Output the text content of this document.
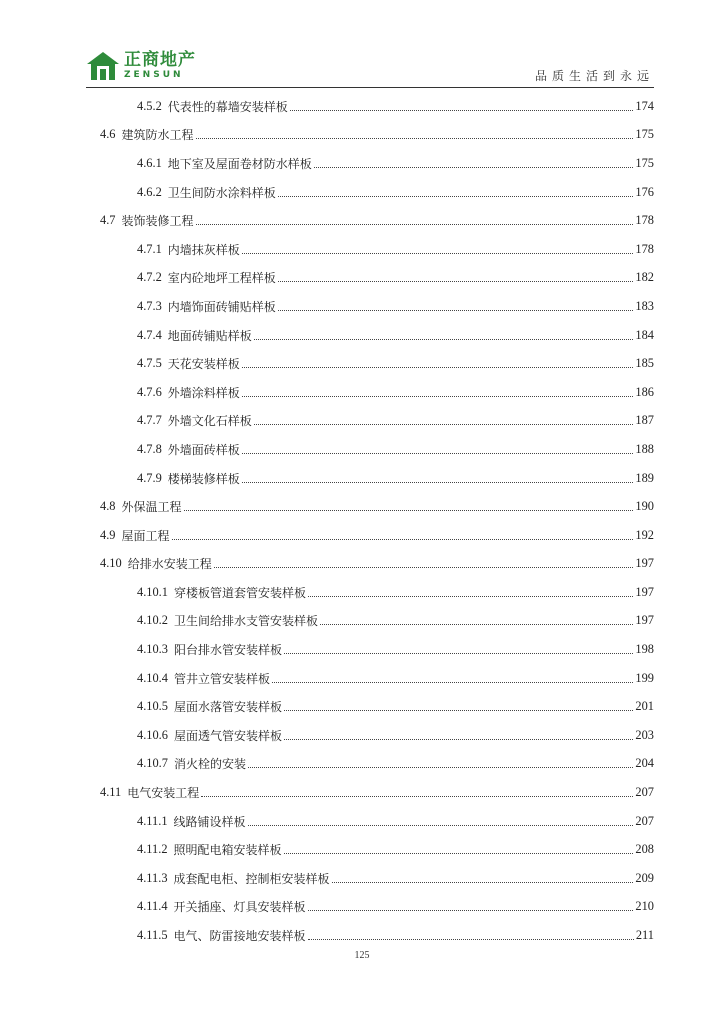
正商地产
ZENSUN	品质生活到永远
4.5.2 代表性的幕墙安装样板	174
4.6 建筑防水工程	175
4.6.1 地下室及屋面卷材防水样板	175
4.6.2 卫生间防水涂料样板	176
4.7 装饰装修工程	178
4.7.1 内墙抹灰样板	178
4.7.2 室内砼地坪工程样板	182
4.7.3 内墙饰面砖铺贴样板	183
4.7.4 地面砖铺贴样板	184
4.7.5 天花安装样板	185
4.7.6 外墙涂料样板	186
4.7.7 外墙文化石样板	187
4.7.8 外墙面砖样板	188
4.7.9 楼梯装修样板	189
4.8 外保温工程	190
4.9 屋面工程	192
4.10 给排水安装工程	197
4.10.1 穿楼板管道套管安装样板	197
4.10.2 卫生间给排水支管安装样板	197
4.10.3 阳台排水管安装样板	198
4.10.4 管井立管安装样板	199
4.10.5 屋面水落管安装样板	201
4.10.6 屋面透气管安装样板	203
4.10.7 消火栓的安装	204
4.11 电气安装工程	207
4.11.1 线路铺设样板	207
4.11.2 照明配电箱安装样板	208
4.11.3 成套配电柜、控制柜安装样板	209
4.11.4 开关插座、灯具安装样板	210
4.11.5 电气、防雷接地安装样板	211
125
